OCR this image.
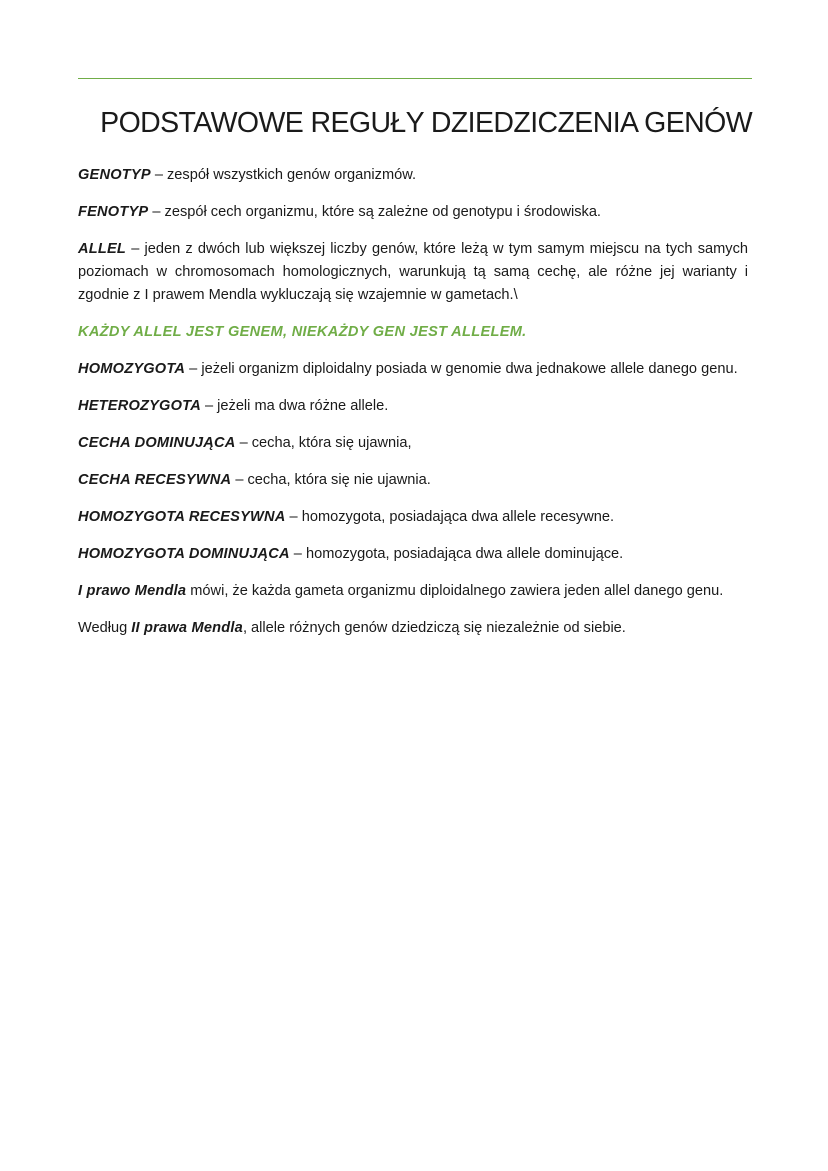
PODSTAWOWE REGUŁY DZIEDZICZENIA GENÓW

GENOTYP – zespół wszystkich genów organizmów.

FENOTYP – zespół cech organizmu, które są zależne od genotypu i środowiska.

ALLEL – jeden z dwóch lub większej liczby genów, które leżą w tym samym miejscu na tych samych poziomach w chromosomach homologicznych, warunkują tą samą cechę, ale różne jej warianty i zgodnie z I prawem Mendla wykluczają się wzajemnie w gametach.\

KAŻDY ALLEL JEST GENEM, NIEKAŻDY GEN JEST ALLELEM.

HOMOZYGOTA – jeżeli organizm diploidalny posiada w genomie dwa jednakowe allele danego genu.

HETEROZYGOTA – jeżeli ma dwa różne allele.

CECHA DOMINUJĄCA – cecha, która się ujawnia,

CECHA RECESYWNA – cecha, która się nie ujawnia.

HOMOZYGOTA RECESYWNA – homozygota, posiadająca dwa allele recesywne.

HOMOZYGOTA DOMINUJĄCA – homozygota, posiadająca dwa allele dominujące.

I prawo Mendla mówi, że każda gameta organizmu diploidalnego zawiera jeden allel danego genu.

Według II prawa Mendla, allele różnych genów dziedziczą się niezależnie od siebie.
